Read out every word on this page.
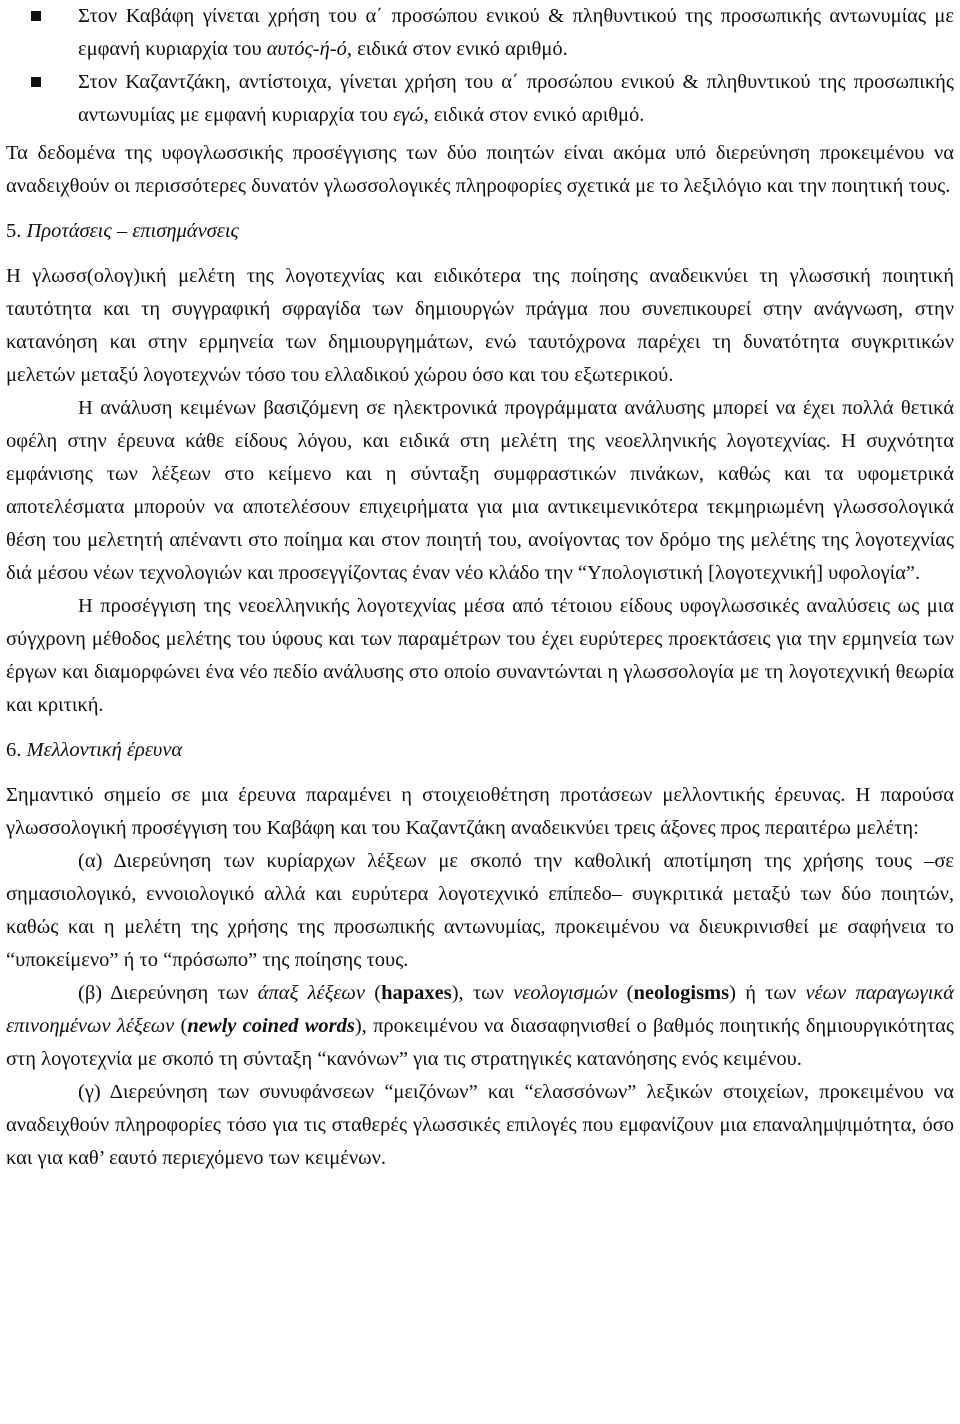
Στον Καβάφη γίνεται χρήση του α΄ προσώπου ενικού & πληθυντικού της προσωπικής αντωνυμίας με εμφανή κυριαρχία του αυτός-ή-ό, ειδικά στον ενικό αριθμό.
Στον Καζαντζάκη, αντίστοιχα, γίνεται χρήση του α΄ προσώπου ενικού & πληθυντικού της προσωπικής αντωνυμίας με εμφανή κυριαρχία του εγώ, ειδικά στον ενικό αριθμό.

Τα δεδομένα της υφογλωσσικής προσέγγισης των δύο ποιητών είναι ακόμα υπό διερεύνηση προκειμένου να αναδειχθούν οι περισσότερες δυνατόν γλωσσολογικές πληροφορίες σχετικά με το λεξιλόγιο και την ποιητική τους.

5. Προτάσεις – επισημάνσεις

Η γλωσσ(ολογ)ική μελέτη της λογοτεχνίας και ειδικότερα της ποίησης αναδεικνύει τη γλωσσική ποιητική ταυτότητα και τη συγγραφική σφραγίδα των δημιουργών πράγμα που συνεπικουρεί στην ανάγνωση, στην κατανόηση και στην ερμηνεία των δημιουργημάτων, ενώ ταυτόχρονα παρέχει τη δυνατότητα συγκριτικών μελετών μεταξύ λογοτεχνών τόσο του ελλαδικού χώρου όσο και του εξωτερικού.

Η ανάλυση κειμένων βασιζόμενη σε ηλεκτρονικά προγράμματα ανάλυσης μπορεί να έχει πολλά θετικά οφέλη στην έρευνα κάθε είδους λόγου, και ειδικά στη μελέτη της νεοελληνικής λογοτεχνίας. Η συχνότητα εμφάνισης των λέξεων στο κείμενο και η σύνταξη συμφραστικών πινάκων, καθώς και τα υφομετρικά αποτελέσματα μπορούν να αποτελέσουν επιχειρήματα για μια αντικειμενικότερα τεκμηριωμένη γλωσσολογικά θέση του μελετητή απέναντι στο ποίημα και στον ποιητή του, ανοίγοντας τον δρόμο της μελέτης της λογοτεχνίας διά μέσου νέων τεχνολογιών και προσεγγίζοντας έναν νέο κλάδο την “Υπολογιστική [λογοτεχνική] υφολογία”.

Η προσέγγιση της νεοελληνικής λογοτεχνίας μέσα από τέτοιου είδους υφογλωσσικές αναλύσεις ως μια σύγχρονη μέθοδος μελέτης του ύφους και των παραμέτρων του έχει ευρύτερες προεκτάσεις για την ερμηνεία των έργων και διαμορφώνει ένα νέο πεδίο ανάλυσης στο οποίο συναντώνται η γλωσσολογία με τη λογοτεχνική θεωρία και κριτική.

6. Μελλοντική έρευνα

Σημαντικό σημείο σε μια έρευνα παραμένει η στοιχειοθέτηση προτάσεων μελλοντικής έρευνας. Η παρούσα γλωσσολογική προσέγγιση του Καβάφη και του Καζαντζάκη αναδεικνύει τρεις άξονες προς περαιτέρω μελέτη:

(α) Διερεύνηση των κυρίαρχων λέξεων με σκοπό την καθολική αποτίμηση της χρήσης τους –σε σημασιολογικό, εννοιολογικό αλλά και ευρύτερα λογοτεχνικό επίπεδο– συγκριτικά μεταξύ των δύο ποιητών, καθώς και η μελέτη της χρήσης της προσωπικής αντωνυμίας, προκειμένου να διευκρινισθεί με σαφήνεια το “υποκείμενο” ή το “πρόσωπο” της ποίησης τους.

(β) Διερεύνηση των άπαξ λέξεων (hapaxes), των νεολογισμών (neologisms) ή των νέων παραγωγικά επινοημένων λέξεων (newly coined words), προκειμένου να διασαφηνισθεί ο βαθμός ποιητικής δημιουργικότητας στη λογοτεχνία με σκοπό τη σύνταξη “κανόνων” για τις στρατηγικές κατανόησης ενός κειμένου.

(γ) Διερεύνηση των συνυφάνσεων “μειζόνων” και “ελασσόνων” λεξικών στοιχείων, προκειμένου να αναδειχθούν πληροφορίες τόσο για τις σταθερές γλωσσικές επιλογές που εμφανίζουν μια επαναλημψιμότητα, όσο και για καθ’ εαυτό περιεχόμενο των κειμένων.
